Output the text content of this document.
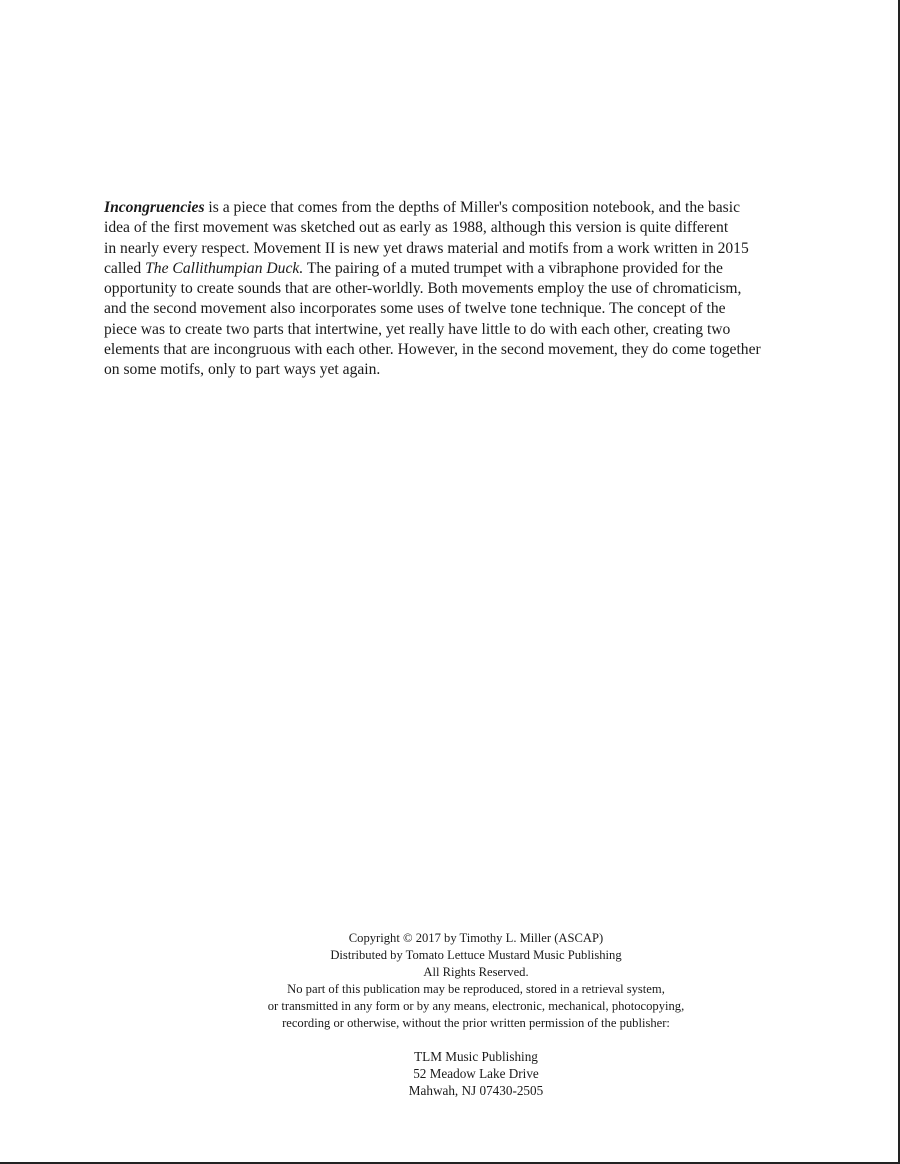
Incongruencies is a piece that comes from the depths of Miller's composition notebook, and the basic
idea of the first movement was sketched out as early as 1988, although this version is quite different
in nearly every respect. Movement II is new yet draws material and motifs from a work written in 2015
called The Callithumpian Duck. The pairing of a muted trumpet with a vibraphone provided for the
opportunity to create sounds that are other-worldly. Both movements employ the use of chromaticism,
and the second movement also incorporates some uses of twelve tone technique. The concept of the
piece was to create two parts that intertwine, yet really have little to do with each other, creating two
elements that are incongruous with each other. However, in the second movement, they do come together
on some motifs, only to part ways yet again.

Copyright © 2017 by Timothy L. Miller (ASCAP)
Distributed by Tomato Lettuce Mustard Music Publishing
All Rights Reserved.
No part of this publication may be reproduced, stored in a retrieval system,
or transmitted in any form or by any means, electronic, mechanical, photocopying,
recording or otherwise, without the prior written permission of the publisher:
TLM Music Publishing
52 Meadow Lake Drive
Mahwah, NJ 07430-2505
